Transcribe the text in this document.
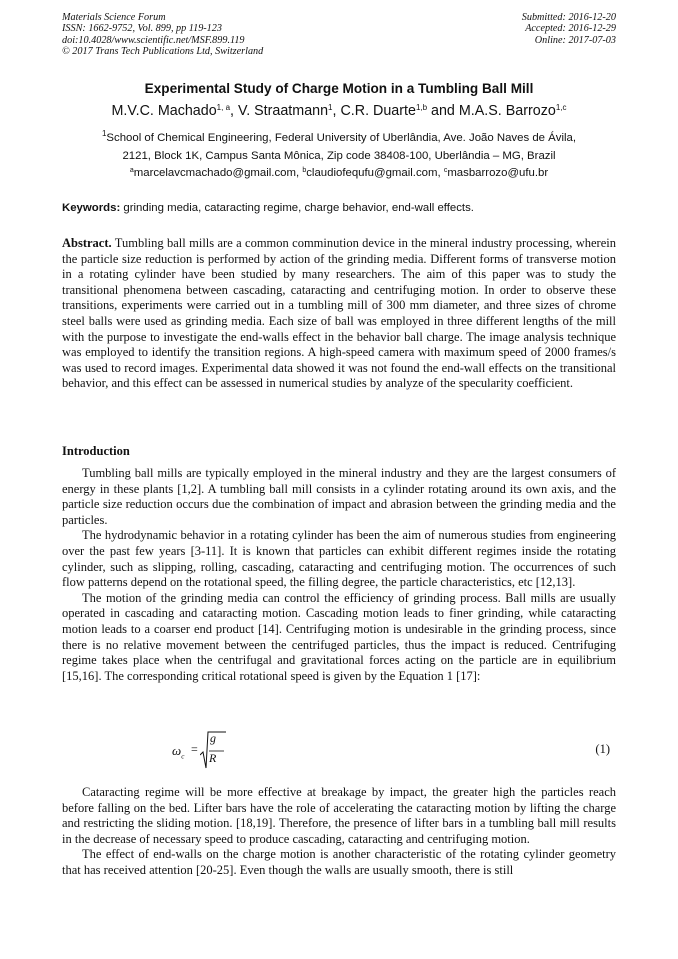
Materials Science Forum
ISSN: 1662-9752, Vol. 899, pp 119-123
doi:10.4028/www.scientific.net/MSF.899.119
© 2017 Trans Tech Publications Ltd, Switzerland
Submitted: 2016-12-20
Accepted: 2016-12-29
Online: 2017-07-03
Experimental Study of Charge Motion in a Tumbling Ball Mill
M.V.C. Machado$^{1, a}$, V. Straatmann$^1$, C.R. Duarte$^{1,b}$ and M.A.S. Barrozo$^{1,c}$
$^1$School of Chemical Engineering, Federal University of Uberlândia, Ave. João Naves de Ávila,
2121, Block 1K, Campus Santa Mônica, Zip code 38408-100, Uberlândia – MG, Brazil
$^a$marcelavcmachado@gmail.com, $^b$claudiofequfu@gmail.com, $^c$masbarrozo@ufu.br
Keywords: grinding media, cataracting regime, charge behavior, end-wall effects.
Abstract. Tumbling ball mills are a common comminution device in the mineral industry processing, wherein the particle size reduction is performed by action of the grinding media. Different forms of transverse motion in a rotating cylinder have been studied by many researchers. The aim of this paper was to study the transitional phenomena between cascading, cataracting and centrifuging motion. In order to observe these transitions, experiments were carried out in a tumbling mill of 300 mm diameter, and three sizes of chrome steel balls were used as grinding media. Each size of ball was employed in three different lengths of the mill with the purpose to investigate the end-walls effect in the behavior ball charge. The image analysis technique was employed to identify the transition regions. A high-speed camera with maximum speed of 2000 frames/s was used to record images. Experimental data showed it was not found the end-wall effects on the transitional behavior, and this effect can be assessed in numerical studies by analyze of the specularity coefficient.
Introduction

Tumbling ball mills are typically employed in the mineral industry and they are the largest consumers of energy in these plants [1,2]. A tumbling ball mill consists in a cylinder rotating around its own axis, and the particle size reduction occurs due the combination of impact and abrasion between the grinding media and the particles.

The hydrodynamic behavior in a rotating cylinder has been the aim of numerous studies from engineering over the past few years [3-11]. It is known that particles can exhibit different regimes inside the rotating cylinder, such as slipping, rolling, cascading, cataracting and centrifuging motion. The occurrences of such flow patterns depend on the rotational speed, the filling degree, the particle characteristics, etc [12,13].

The motion of the grinding media can control the efficiency of grinding process. Ball mills are usually operated in cascading and cataracting motion. Cascading motion leads to finer grinding, while cataracting motion leads to a coarser end product [14]. Centrifuging motion is undesirable in the grinding process, since there is no relative movement between the centrifuged particles, thus the impact is reduced. Centrifuging regime takes place when the centrifugal and gravitational forces acting on the particle are in equilibrium [15,16]. The corresponding critical rotational speed is given by the Equation 1 [17]:

$\omega_c$
=
g
R
(1)

Cataracting regime will be more effective at breakage by impact, the greater high the particles reach before falling on the bed. Lifter bars have the role of accelerating the cataracting motion by lifting the charge and restricting the sliding motion. [18,19]. Therefore, the presence of lifter bars in a tumbling ball mill results in the decrease of necessary speed to produce cascading, cataracting and centrifuging motion.

The effect of end-walls on the charge motion is another characteristic of the rotating cylinder geometry that has received attention [20-25]. Even though the walls are usually smooth, there is still
